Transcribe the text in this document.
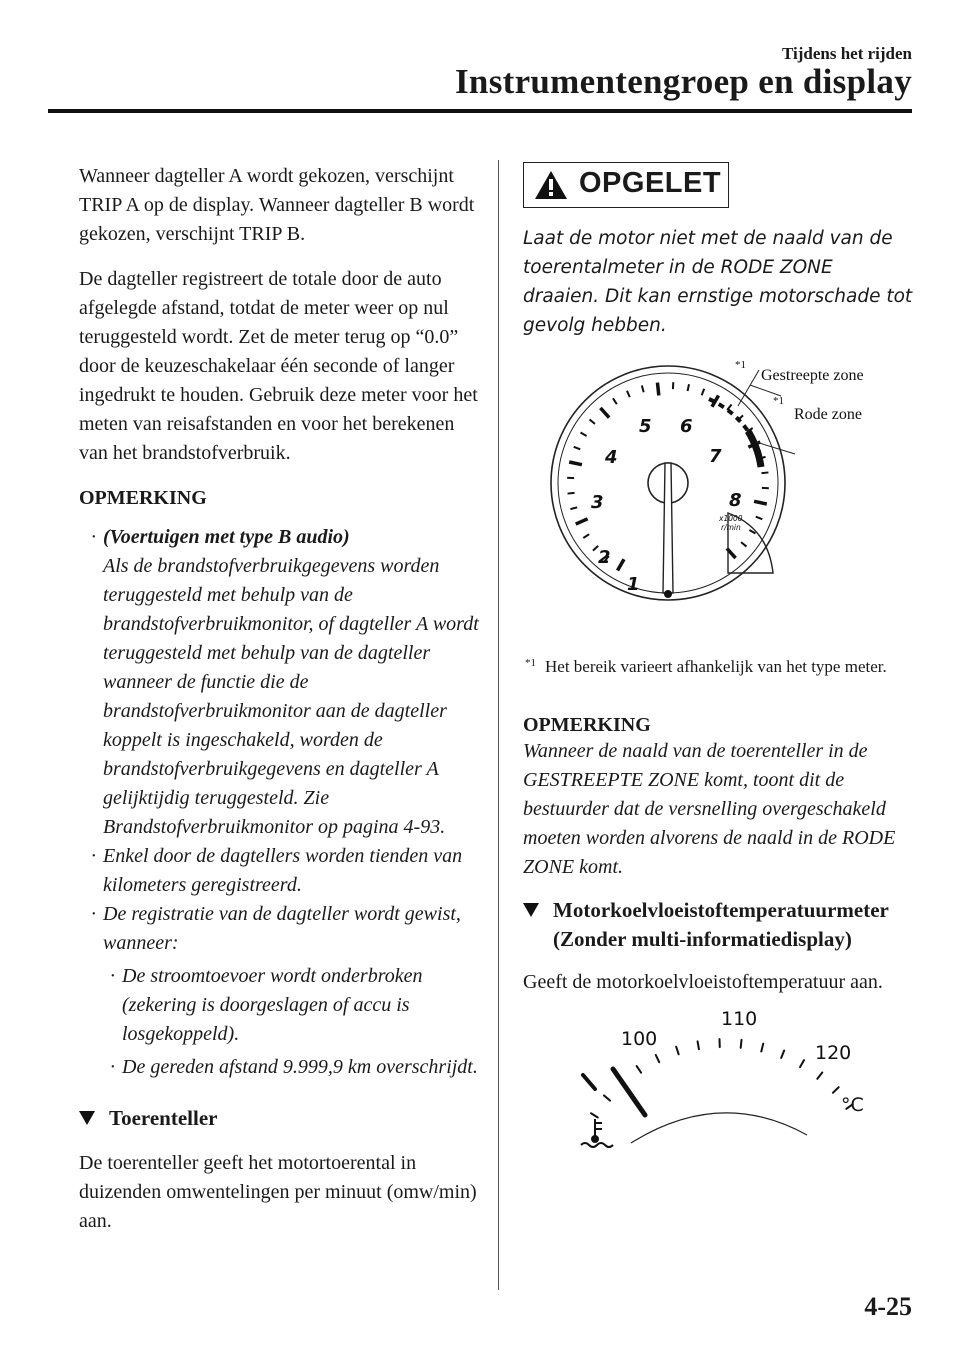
Tijdens het rijden
Instrumentengroep en display

Wanneer dagteller A wordt gekozen, verschijnt TRIP A op de display. Wanneer dagteller B wordt gekozen, verschijnt TRIP B.

De dagteller registreert de totale door de auto afgelegde afstand, totdat de meter weer op nul teruggesteld wordt. Zet de meter terug op “0.0” door de keuzeschakelaar één seconde of langer ingedrukt te houden. Gebruik deze meter voor het meten van reisafstanden en voor het berekenen van het brandstofverbruik.

OPMERKING
· (Voertuigen met type B audio)
Als de brandstofverbruikgegevens worden teruggesteld met behulp van de brandstofverbruikmonitor, of dagteller A wordt teruggesteld met behulp van de dagteller wanneer de functie die de brandstofverbruikmonitor aan de dagteller koppelt is ingeschakeld, worden de brandstofverbruikgegevens en dagteller A gelijktijdig teruggesteld. Zie Brandstofverbruikmonitor op pagina 4-93.
· Enkel door de dagtellers worden tienden van kilometers geregistreerd.
· De registratie van de dagteller wordt gewist, wanneer:
· De stroomtoevoer wordt onderbroken (zekering is doorgeslagen of accu is losgekoppeld).
· De gereden afstand 9.999,9 km overschrijdt.
Toerenteller

De toerenteller geeft het motortoerental in duizenden omwentelingen per minuut (omw/min) aan.

OPGELET
Laat de motor niet met de naald van de toerentalmeter in de RODE ZONE draaien. Dit kan ernstige motorschade tot gevolg hebben.
1
2
3
4
5 6
7
8
x1000
r/min
*1
Gestreepte zone
*1
Rode zone

*1 Het bereik varieert afhankelijk van het type meter.

OPMERKING

Wanneer de naald van de toerenteller in de GESTREEPTE ZONE komt, toont dit de bestuurder dat de versnelling overgeschakeld moeten worden alvorens de naald in de RODE ZONE komt.

Motorkoelvloeistoftemperatuurmeter (Zonder multi-informatiedisplay)

Geeft de motorkoelvloeistoftemperatuur aan.

100
110
120
°C
4-25
